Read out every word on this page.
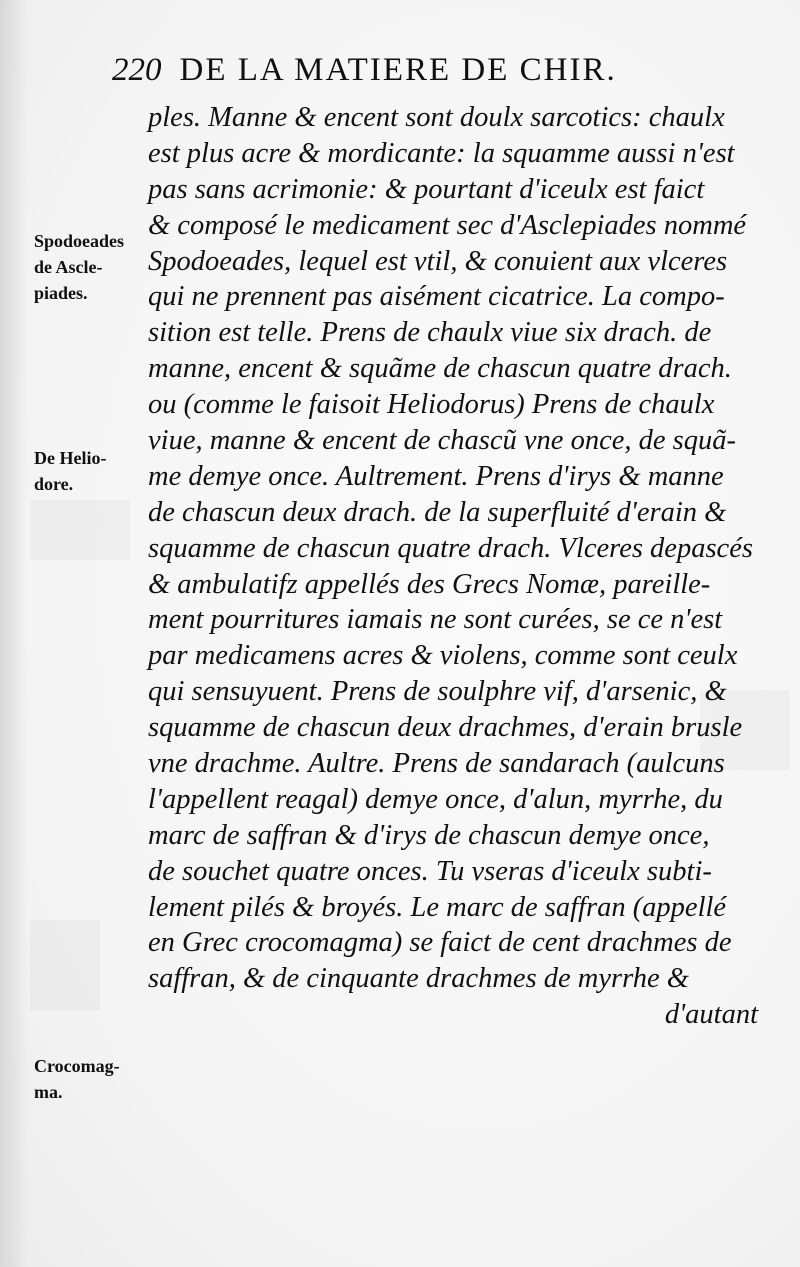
220 DE LA MATIERE DE CHIR.
ples. Manne & encent sont doulx sarcotics: chaulx
est plus acre & mordicante: la squamme aussi n'est
pas sans acrimonie: & pourtant d'iceulx est faict
& composé le medicament sec d'Asclepiades nommé
Spodoeades, lequel est vtil, & conuient aux vlceres
qui ne prennent pas aisément cicatrice. La compo-
sition est telle. Prens de chaulx viue six drach. de
manne, encent & squãme de chascun quatre drach.
ou (comme le faisoit Heliodorus) Prens de chaulx
viue, manne & encent de chascũ vne once, de squã-
me demye once. Aultrement. Prens d'irys & manne
de chascun deux drach. de la superfluité d'erain &
squamme de chascun quatre drach. Vlceres depascés
& ambulatifz appellés des Grecs Nomæ, pareille-
ment pourritures iamais ne sont curées, se ce n'est
par medicamens acres & violens, comme sont ceulx
qui sensuyuent. Prens de soulphre vif, d'arsenic, &
squamme de chascun deux drachmes, d'erain brusle
vne drachme. Aultre. Prens de sandarach (aulcuns
l'appellent reagal) demye once, d'alun, myrrhe, du
marc de saffran & d'irys de chascun demye once,
de souchet quatre onces. Tu vseras d'iceulx subti-
lement pilés & broyés. Le marc de saffran (appellé
en Grec crocomagma) se faict de cent drachmes de
saffran, & de cinquante drachmes de myrrhe &
d'autant
Spodoeades
de Ascle-
piades.
De Helio-
dore.
Crocomag-
ma.
